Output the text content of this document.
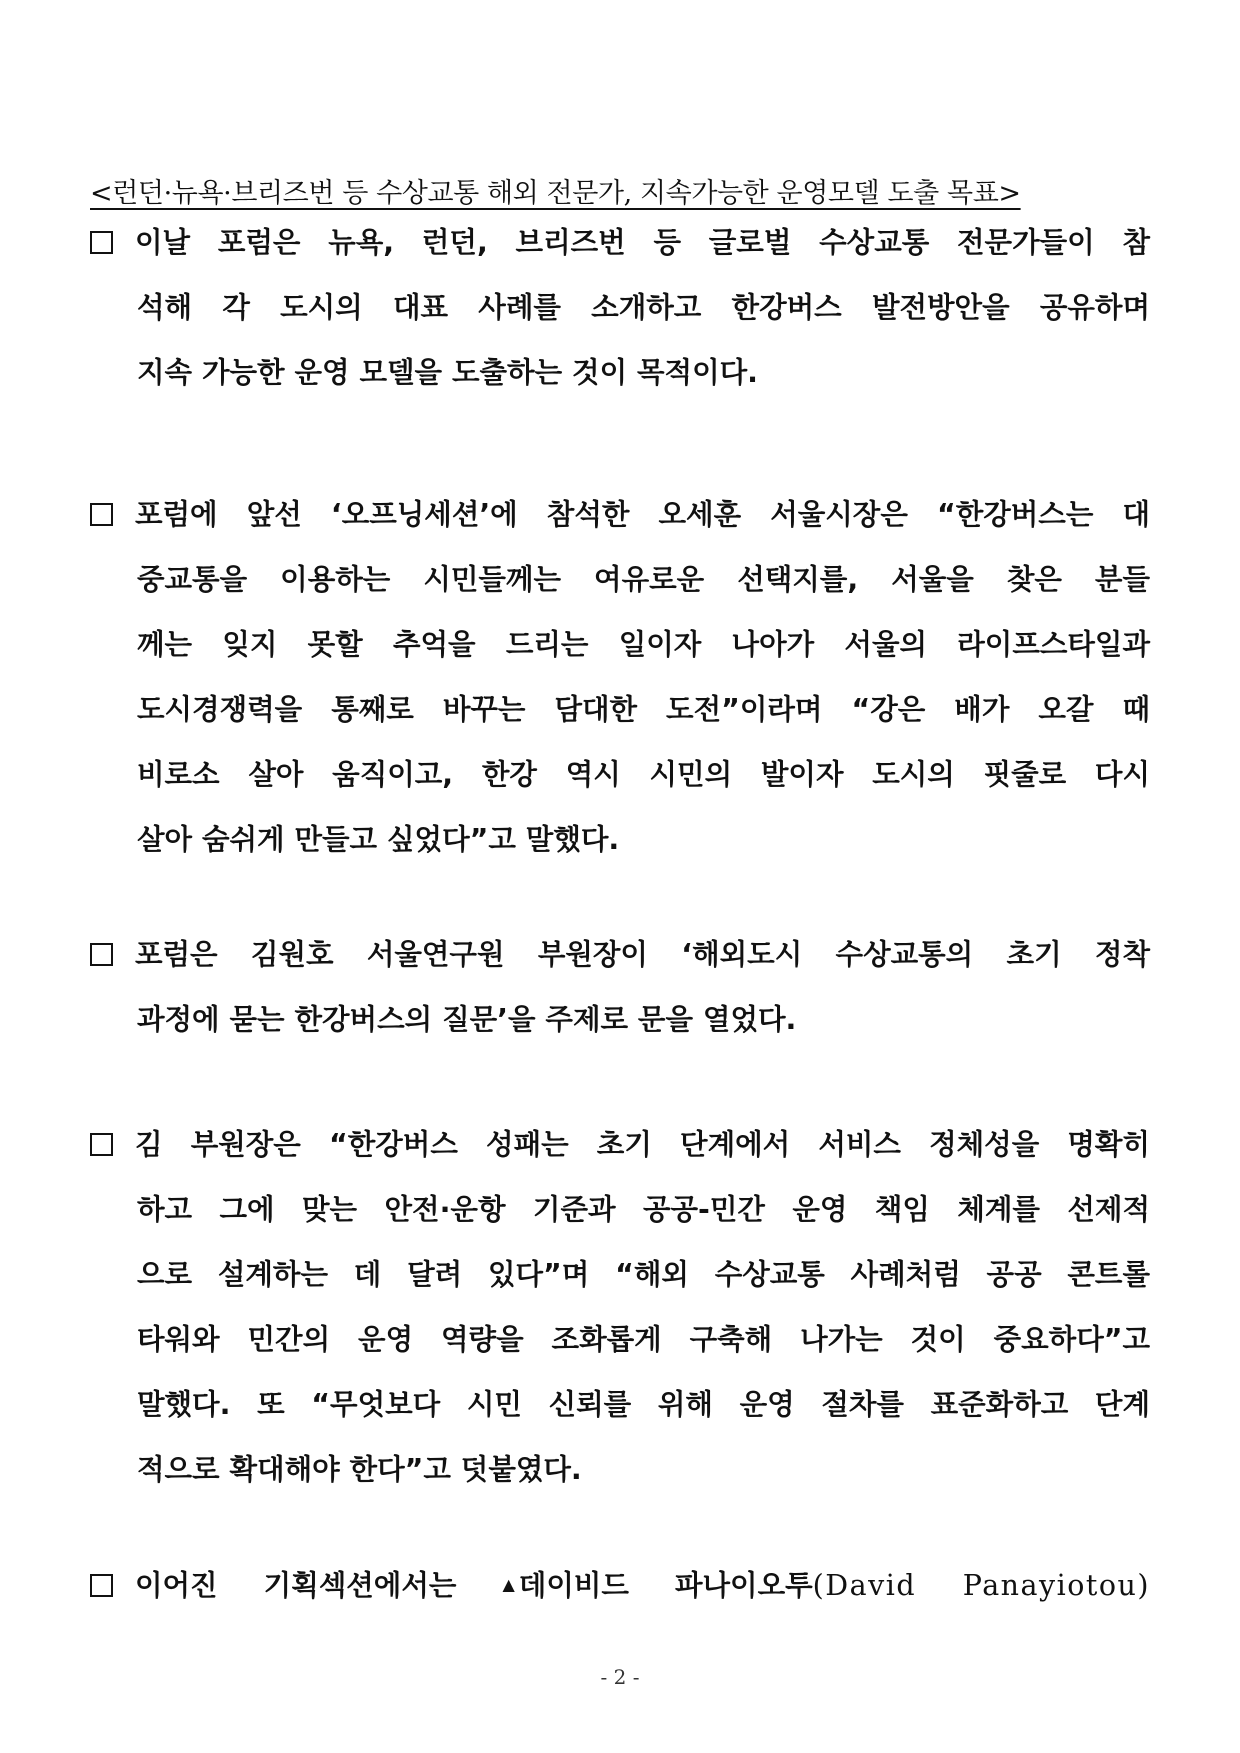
<런던·뉴욕·브리즈번 등 수상교통 해외 전문가, 지속가능한 운영모델 도출 목표>
이날 포럼은 뉴욕, 런던, 브리즈번 등 글로벌 수상교통 전문가들이 참
석해 각 도시의 대표 사례를 소개하고 한강버스 발전방안을 공유하며
지속 가능한 운영 모델을 도출하는 것이 목적이다.
포럼에 앞선 ‘오프닝세션’에 참석한 오세훈 서울시장은 “한강버스는 대
중교통을 이용하는 시민들께는 여유로운 선택지를, 서울을 찾은 분들
께는 잊지 못할 추억을 드리는 일이자 나아가 서울의 라이프스타일과
도시경쟁력을 통째로 바꾸는 담대한 도전”이라며 “강은 배가 오갈 때
비로소 살아 움직이고, 한강 역시 시민의 발이자 도시의 핏줄로 다시
살아 숨쉬게 만들고 싶었다”고 말했다.
포럼은 김원호 서울연구원 부원장이 ‘해외도시 수상교통의 초기 정착
과정에 묻는 한강버스의 질문’을 주제로 문을 열었다.
김 부원장은 “한강버스 성패는 초기 단계에서 서비스 정체성을 명확히
하고 그에 맞는 안전·운항 기준과 공공-민간 운영 책임 체계를 선제적
으로 설계하는 데 달려 있다”며 “해외 수상교통 사례처럼 공공 콘트롤
타워와 민간의 운영 역량을 조화롭게 구축해 나가는 것이 중요하다”고
말했다. 또 “무엇보다 시민 신뢰를 위해 운영 절차를 표준화하고 단계
적으로 확대해야 한다”고 덧붙였다.
이어진 기획섹션에서는	▲ 데이비드 파나이오투(David Panayiotou)
- 2 -
